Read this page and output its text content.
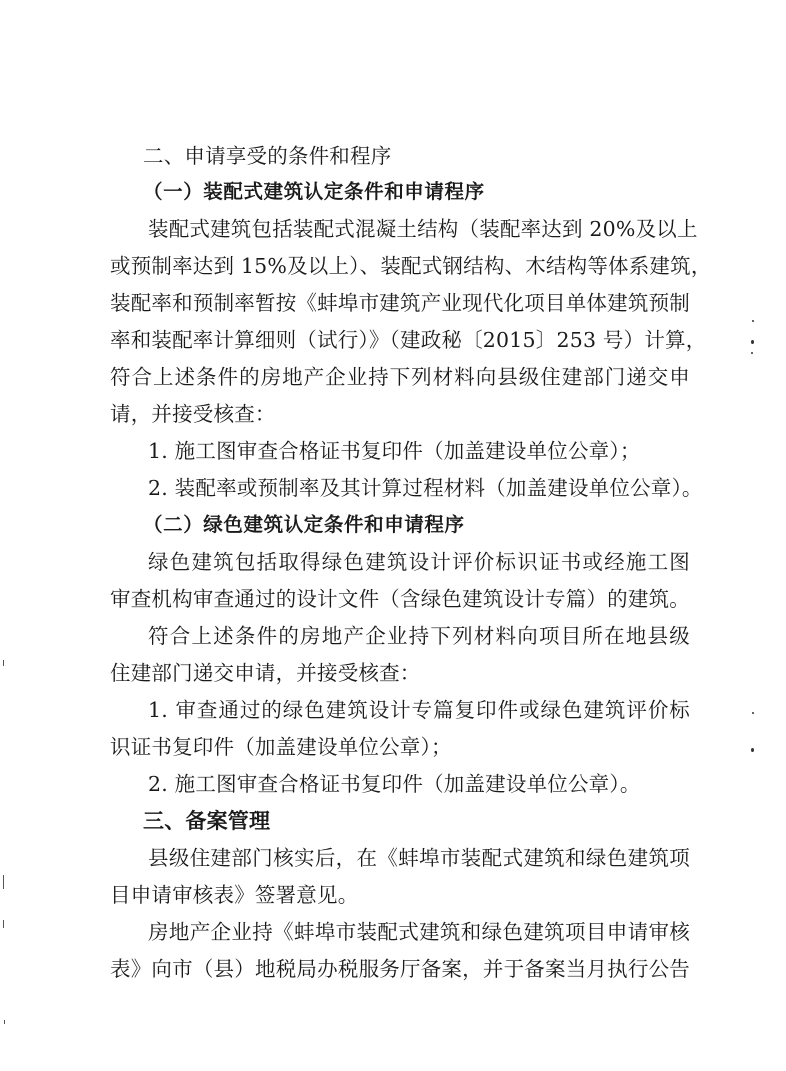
二、申请享受的条件和程序
（一）装配式建筑认定条件和申请程序
装配式建筑包括装配式混凝土结构（装配率达到 20%及以上
或预制率达到 15%及以上）、装配式钢结构、木结构等体系建筑，
装配率和预制率暂按《蚌埠市建筑产业现代化项目单体建筑预制
率和装配率计算细则（试行）》（建政秘〔2015〕253 号）计算，
符合上述条件的房地产企业持下列材料向县级住建部门递交申
请，并接受核查：
1. 施工图审查合格证书复印件（加盖建设单位公章）；
2. 装配率或预制率及其计算过程材料（加盖建设单位公章）。
（二）绿色建筑认定条件和申请程序
绿色建筑包括取得绿色建筑设计评价标识证书或经施工图
审查机构审查通过的设计文件（含绿色建筑设计专篇）的建筑。
符合上述条件的房地产企业持下列材料向项目所在地县级
住建部门递交申请，并接受核查：
1. 审查通过的绿色建筑设计专篇复印件或绿色建筑评价标
识证书复印件（加盖建设单位公章）；
2. 施工图审查合格证书复印件（加盖建设单位公章）。
三、备案管理
县级住建部门核实后，在《蚌埠市装配式建筑和绿色建筑项
目申请审核表》签署意见。
房地产企业持《蚌埠市装配式建筑和绿色建筑项目申请审核
表》向市（县）地税局办税服务厅备案，并于备案当月执行公告
